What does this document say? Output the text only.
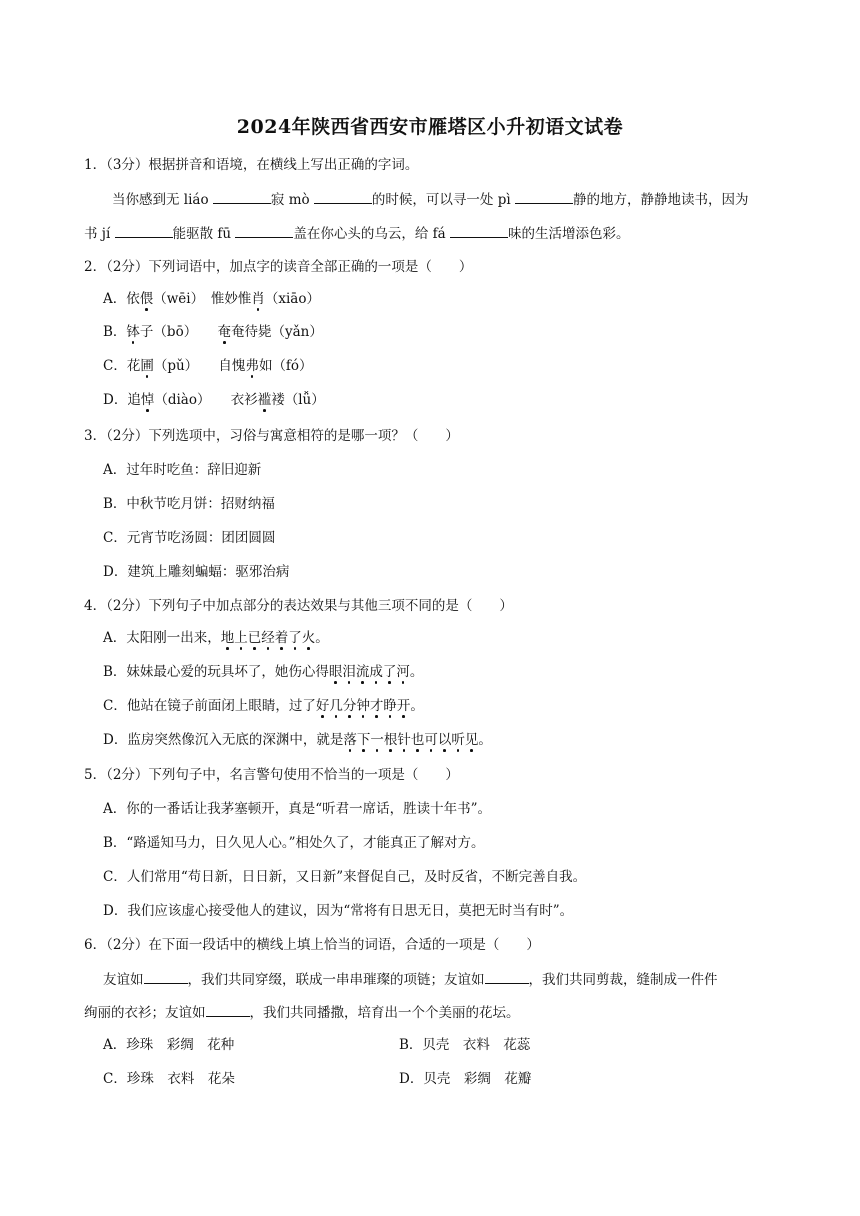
2024年陕西省西安市雁塔区小升初语文试卷
1．（3分）根据拼音和语境，在横线上写出正确的字词。
当你感到无 liáo	寂 mò	的时候，可以寻一处 pì	静的地方，静静地读书，因为
书 jí	能驱散 fū	盖在你心头的乌云，给 fá	味的生活增添色彩。
2．（2分）下列词语中，加点字的读音全部正确的一项是（　　）
A．依偎（wēi）　惟妙惟肖（xiāo）
B．钵子（bō）　　奄奄待毙（yǎn）
C．花圃（pǔ）　　自愧弗如（fó）
D．追悼（diào）　　衣衫褴褛（lǚ）
3．（2分）下列选项中，习俗与寓意相符的是哪一项？（　　）
A．过年时吃鱼：辞旧迎新
B．中秋节吃月饼：招财纳福
C．元宵节吃汤圆：团团圆圆
D．建筑上雕刻蝙蝠：驱邪治病
4．（2分）下列句子中加点部分的表达效果与其他三项不同的是（　　）
A．太阳刚一出来，地上已经着了火。
B．妹妹最心爱的玩具坏了，她伤心得眼泪流成了河。
C．他站在镜子前面闭上眼睛，过了好几分钟才睁开。
D．监房突然像沉入无底的深渊中，就是落下一根针也可以听见。
5．（2分）下列句子中，名言警句使用不恰当的一项是（　　）
A．你的一番话让我茅塞顿开，真是“听君一席话，胜读十年书”。
B．“路遥知马力，日久见人心。”相处久了，才能真正了解对方。
C．人们常用“苟日新，日日新，又日新”来督促自己，及时反省，不断完善自我。
D．我们应该虚心接受他人的建议，因为“常将有日思无日，莫把无时当有时”。
6．（2分）在下面一段话中的横线上填上恰当的词语，合适的一项是（　　）
友谊如	，我们共同穿缀，联成一串串璀璨的项链；友谊如	，我们共同剪裁，缝制成一件件
绚丽的衣衫；友谊如	，我们共同播撒，培育出一个个美丽的花坛。
A．珍珠　彩绸　花种	B．贝壳　衣料　花蕊
C．珍珠　衣料　花朵	D．贝壳　彩绸　花瓣
